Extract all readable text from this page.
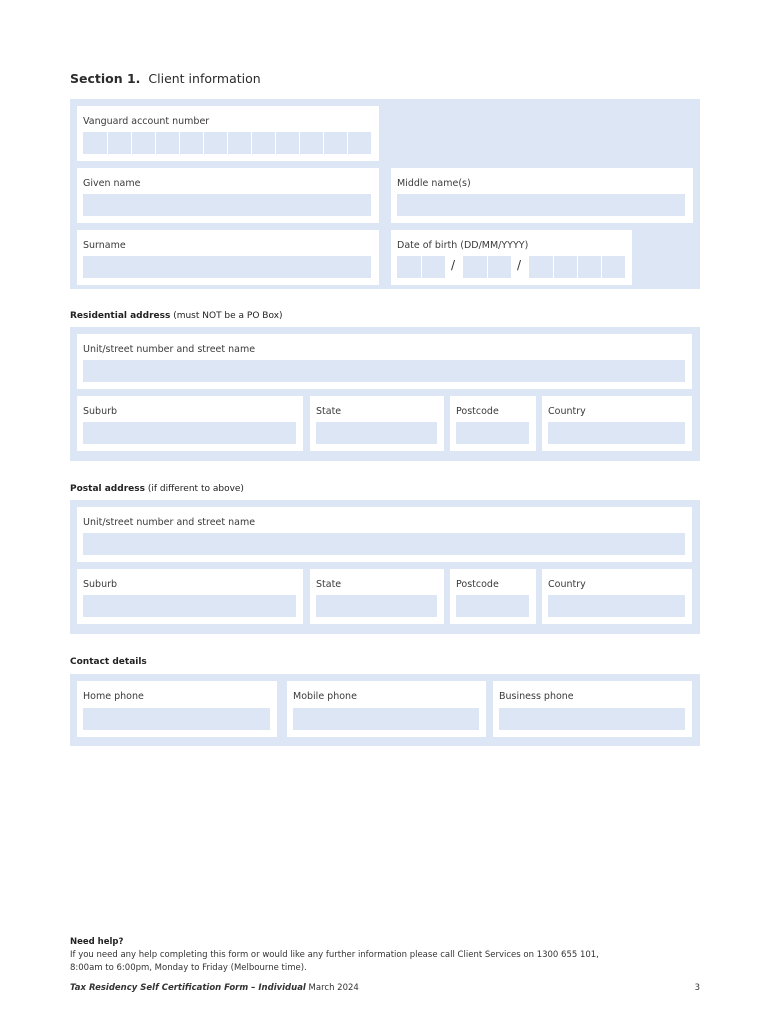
Section 1. Client information
Vanguard account number
Given name	Middle name(s)
Surname	Date of birth (DD/MM/YYYY)
/	/
Residential address (must NOT be a PO Box)
Unit/street number and street name
Suburb	State	Postcode	Country
Postal address (if different to above)
Unit/street number and street name
Suburb	State	Postcode	Country
Contact details
Home phone	Mobile phone	Business phone
Need help?
If you need any help completing this form or would like any further information please call Client Services on 1300 655 101,
8:00am to 6:00pm, Monday to Friday (Melbourne time).
Tax Residency Self Certification Form – Individual March 2024	3
